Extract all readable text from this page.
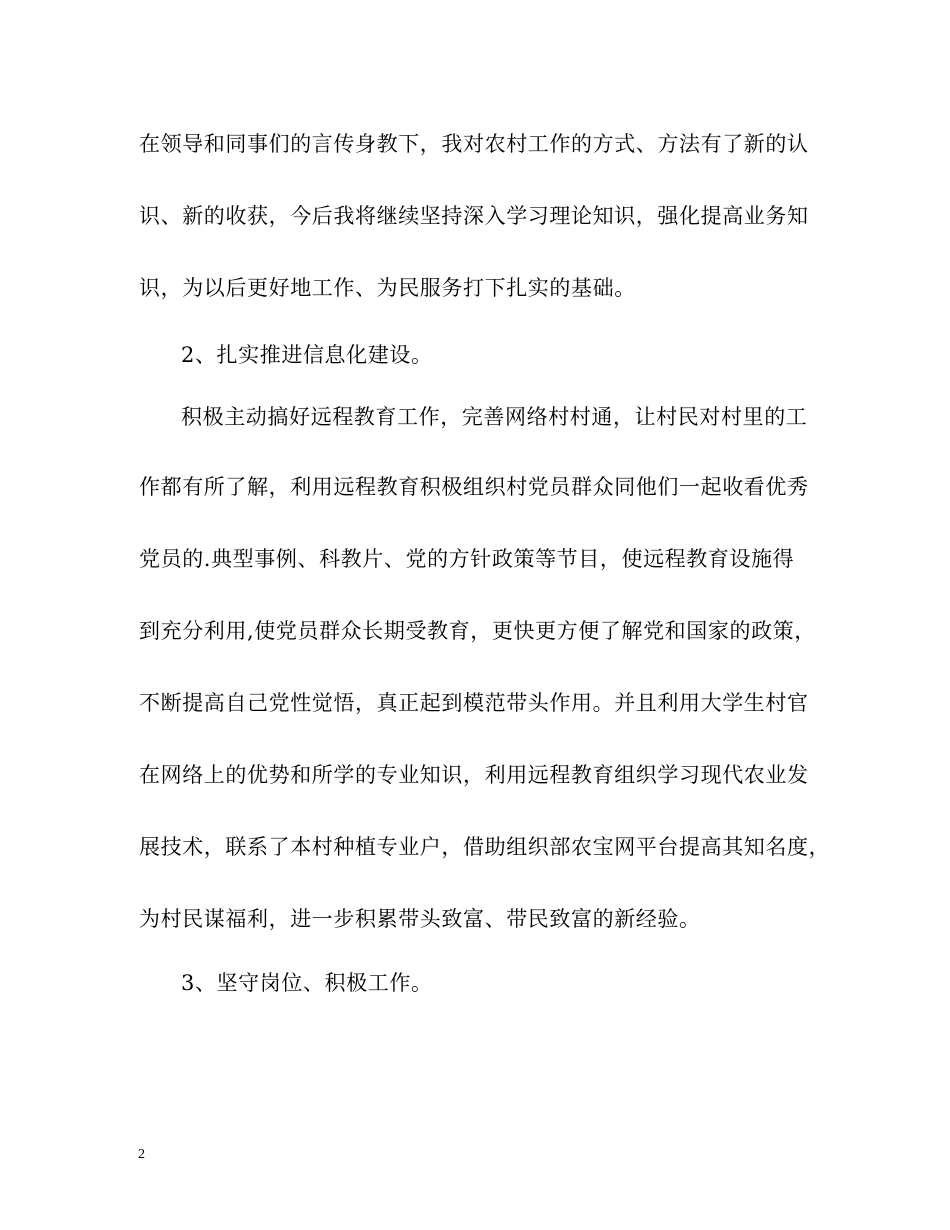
在领导和同事们的言传身教下，我对农村工作的方式、方法有了新的认
识、新的收获，今后我将继续坚持深入学习理论知识，强化提高业务知
识，为以后更好地工作、为民服务打下扎实的基础。
2、扎实推进信息化建设。
积极主动搞好远程教育工作，完善网络村村通，让村民对村里的工
作都有所了解，利用远程教育积极组织村党员群众同他们一起收看优秀
党员的.典型事例、科教片、党的方针政策等节目，使远程教育设施得
到充分利用,使党员群众长期受教育，更快更方便了解党和国家的政策，
不断提高自己党性觉悟，真正起到模范带头作用。并且利用大学生村官
在网络上的优势和所学的专业知识，利用远程教育组织学习现代农业发
展技术，联系了本村种植专业户，借助组织部农宝网平台提高其知名度，
为村民谋福利，进一步积累带头致富、带民致富的新经验。
3、坚守岗位、积极工作。
2
